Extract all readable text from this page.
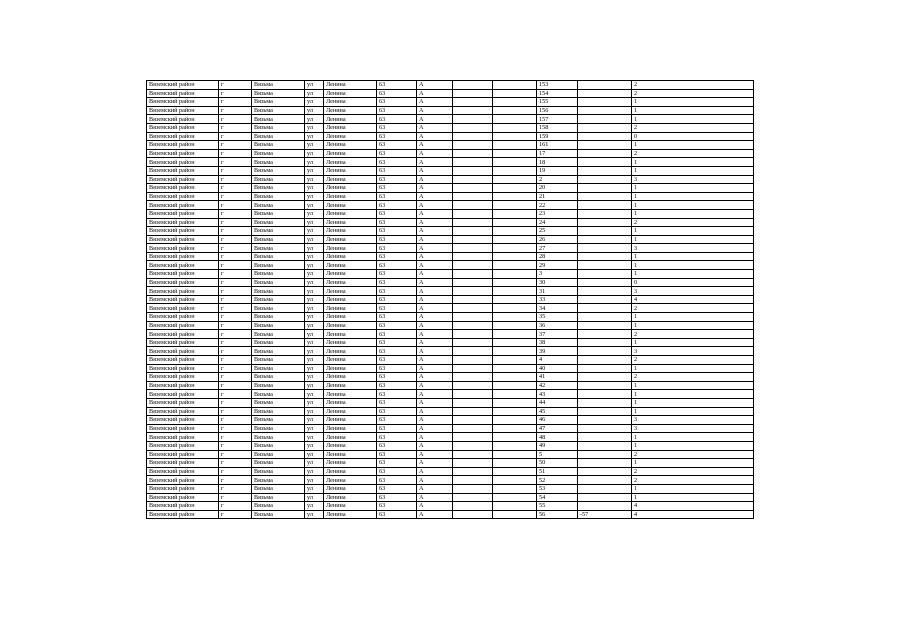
Вяземский район	г	Вязьма	ул	Ленина	63	А			153		2
Вяземский район	г	Вязьма	ул	Ленина	63	А			154		2
Вяземский район	г	Вязьма	ул	Ленина	63	А			155		1
Вяземский район	г	Вязьма	ул	Ленина	63	А			156		1
Вяземский район	г	Вязьма	ул	Ленина	63	А			157		1
Вяземский район	г	Вязьма	ул	Ленина	63	А			158		2
Вяземский район	г	Вязьма	ул	Ленина	63	А			159		0
Вяземский район	г	Вязьма	ул	Ленина	63	А			161		1
Вяземский район	г	Вязьма	ул	Ленина	63	А			17		2
Вяземский район	г	Вязьма	ул	Ленина	63	А			18		1
Вяземский район	г	Вязьма	ул	Ленина	63	А			19		1
Вяземский район	г	Вязьма	ул	Ленина	63	А			2		3
Вяземский район	г	Вязьма	ул	Ленина	63	А			20		1
Вяземский район	г	Вязьма	ул	Ленина	63	А			21		1
Вяземский район	г	Вязьма	ул	Ленина	63	А			22		1
Вяземский район	г	Вязьма	ул	Ленина	63	А			23		1
Вяземский район	г	Вязьма	ул	Ленина	63	А			24		2
Вяземский район	г	Вязьма	ул	Ленина	63	А			25		1
Вяземский район	г	Вязьма	ул	Ленина	63	А			26		1
Вяземский район	г	Вязьма	ул	Ленина	63	А			27		3
Вяземский район	г	Вязьма	ул	Ленина	63	А			28		1
Вяземский район	г	Вязьма	ул	Ленина	63	А			29		1
Вяземский район	г	Вязьма	ул	Ленина	63	А			3		1
Вяземский район	г	Вязьма	ул	Ленина	63	А			30		0
Вяземский район	г	Вязьма	ул	Ленина	63	А			31		3
Вяземский район	г	Вязьма	ул	Ленина	63	А			33		4
Вяземский район	г	Вязьма	ул	Ленина	63	А			34		2
Вяземский район	г	Вязьма	ул	Ленина	63	А			35		1
Вяземский район	г	Вязьма	ул	Ленина	63	А			36		1
Вяземский район	г	Вязьма	ул	Ленина	63	А			37		2
Вяземский район	г	Вязьма	ул	Ленина	63	А			38		1
Вяземский район	г	Вязьма	ул	Ленина	63	А			39		3
Вяземский район	г	Вязьма	ул	Ленина	63	А			4		2
Вяземский район	г	Вязьма	ул	Ленина	63	А			40		1
Вяземский район	г	Вязьма	ул	Ленина	63	А			41		2
Вяземский район	г	Вязьма	ул	Ленина	63	А			42		1
Вяземский район	г	Вязьма	ул	Ленина	63	А			43		1
Вяземский район	г	Вязьма	ул	Ленина	63	А			44		1
Вяземский район	г	Вязьма	ул	Ленина	63	А			45		1
Вяземский район	г	Вязьма	ул	Ленина	63	А			46		3
Вяземский район	г	Вязьма	ул	Ленина	63	А			47		3
Вяземский район	г	Вязьма	ул	Ленина	63	А			48		1
Вяземский район	г	Вязьма	ул	Ленина	63	А			49		1
Вяземский район	г	Вязьма	ул	Ленина	63	А			5		2
Вяземский район	г	Вязьма	ул	Ленина	63	А			50		1
Вяземский район	г	Вязьма	ул	Ленина	63	А			51		2
Вяземский район	г	Вязьма	ул	Ленина	63	А			52		2
Вяземский район	г	Вязьма	ул	Ленина	63	А			53		1
Вяземский район	г	Вязьма	ул	Ленина	63	А			54		1
Вяземский район	г	Вязьма	ул	Ленина	63	А			55		4
Вяземский район	г	Вязьма	ул	Ленина	63	А			56	-57	4
